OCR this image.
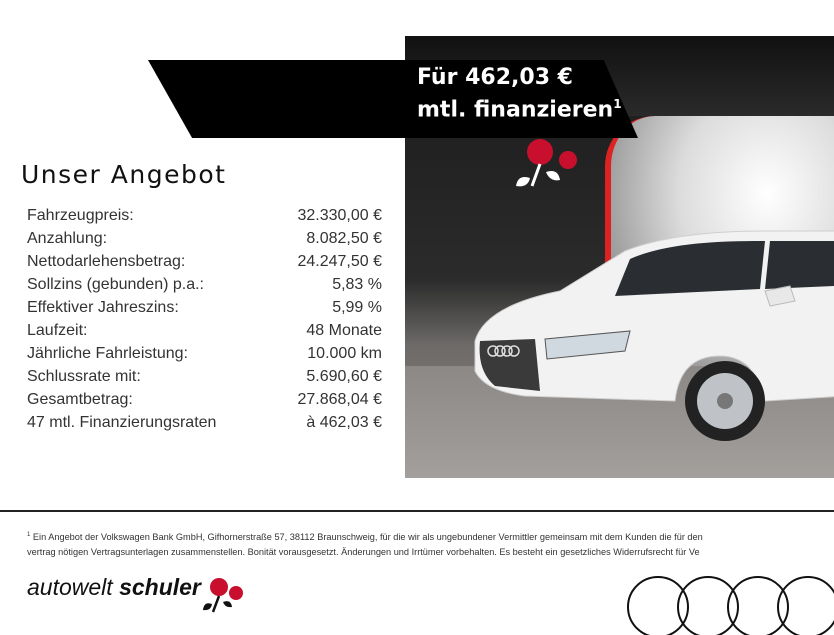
Für 462,03 €
mtl. finanzieren$^1$
Unser Angebot
Fahrzeugpreis:	32.330,00 €
Anzahlung:	8.082,50 €
Nettodarlehensbetrag:	24.247,50 €
Sollzins (gebunden) p.a.:	5,83 %
Effektiver Jahreszins:	5,99 %
Laufzeit:	48 Monate
Jährliche Fahrleistung:	10.000 km
Schlussrate mit:	5.690,60 €
Gesamtbetrag:	27.868,04 €
47 mtl. Finanzierungsraten	à 462,03 €
$^1$ Ein Angebot der Volkswagen Bank GmbH, Gifhornerstraße 57, 38112 Braunschweig, für die wir als ungebundener Vermittler gemeinsam mit dem Kunden die für den
vertrag nötigen Vertragsunterlagen zusammenstellen. Bonität vorausgesetzt. Änderungen und Irrtümer vorbehalten. Es besteht ein gesetzliches Widerrufsrecht für Ve
autowelt schuler
